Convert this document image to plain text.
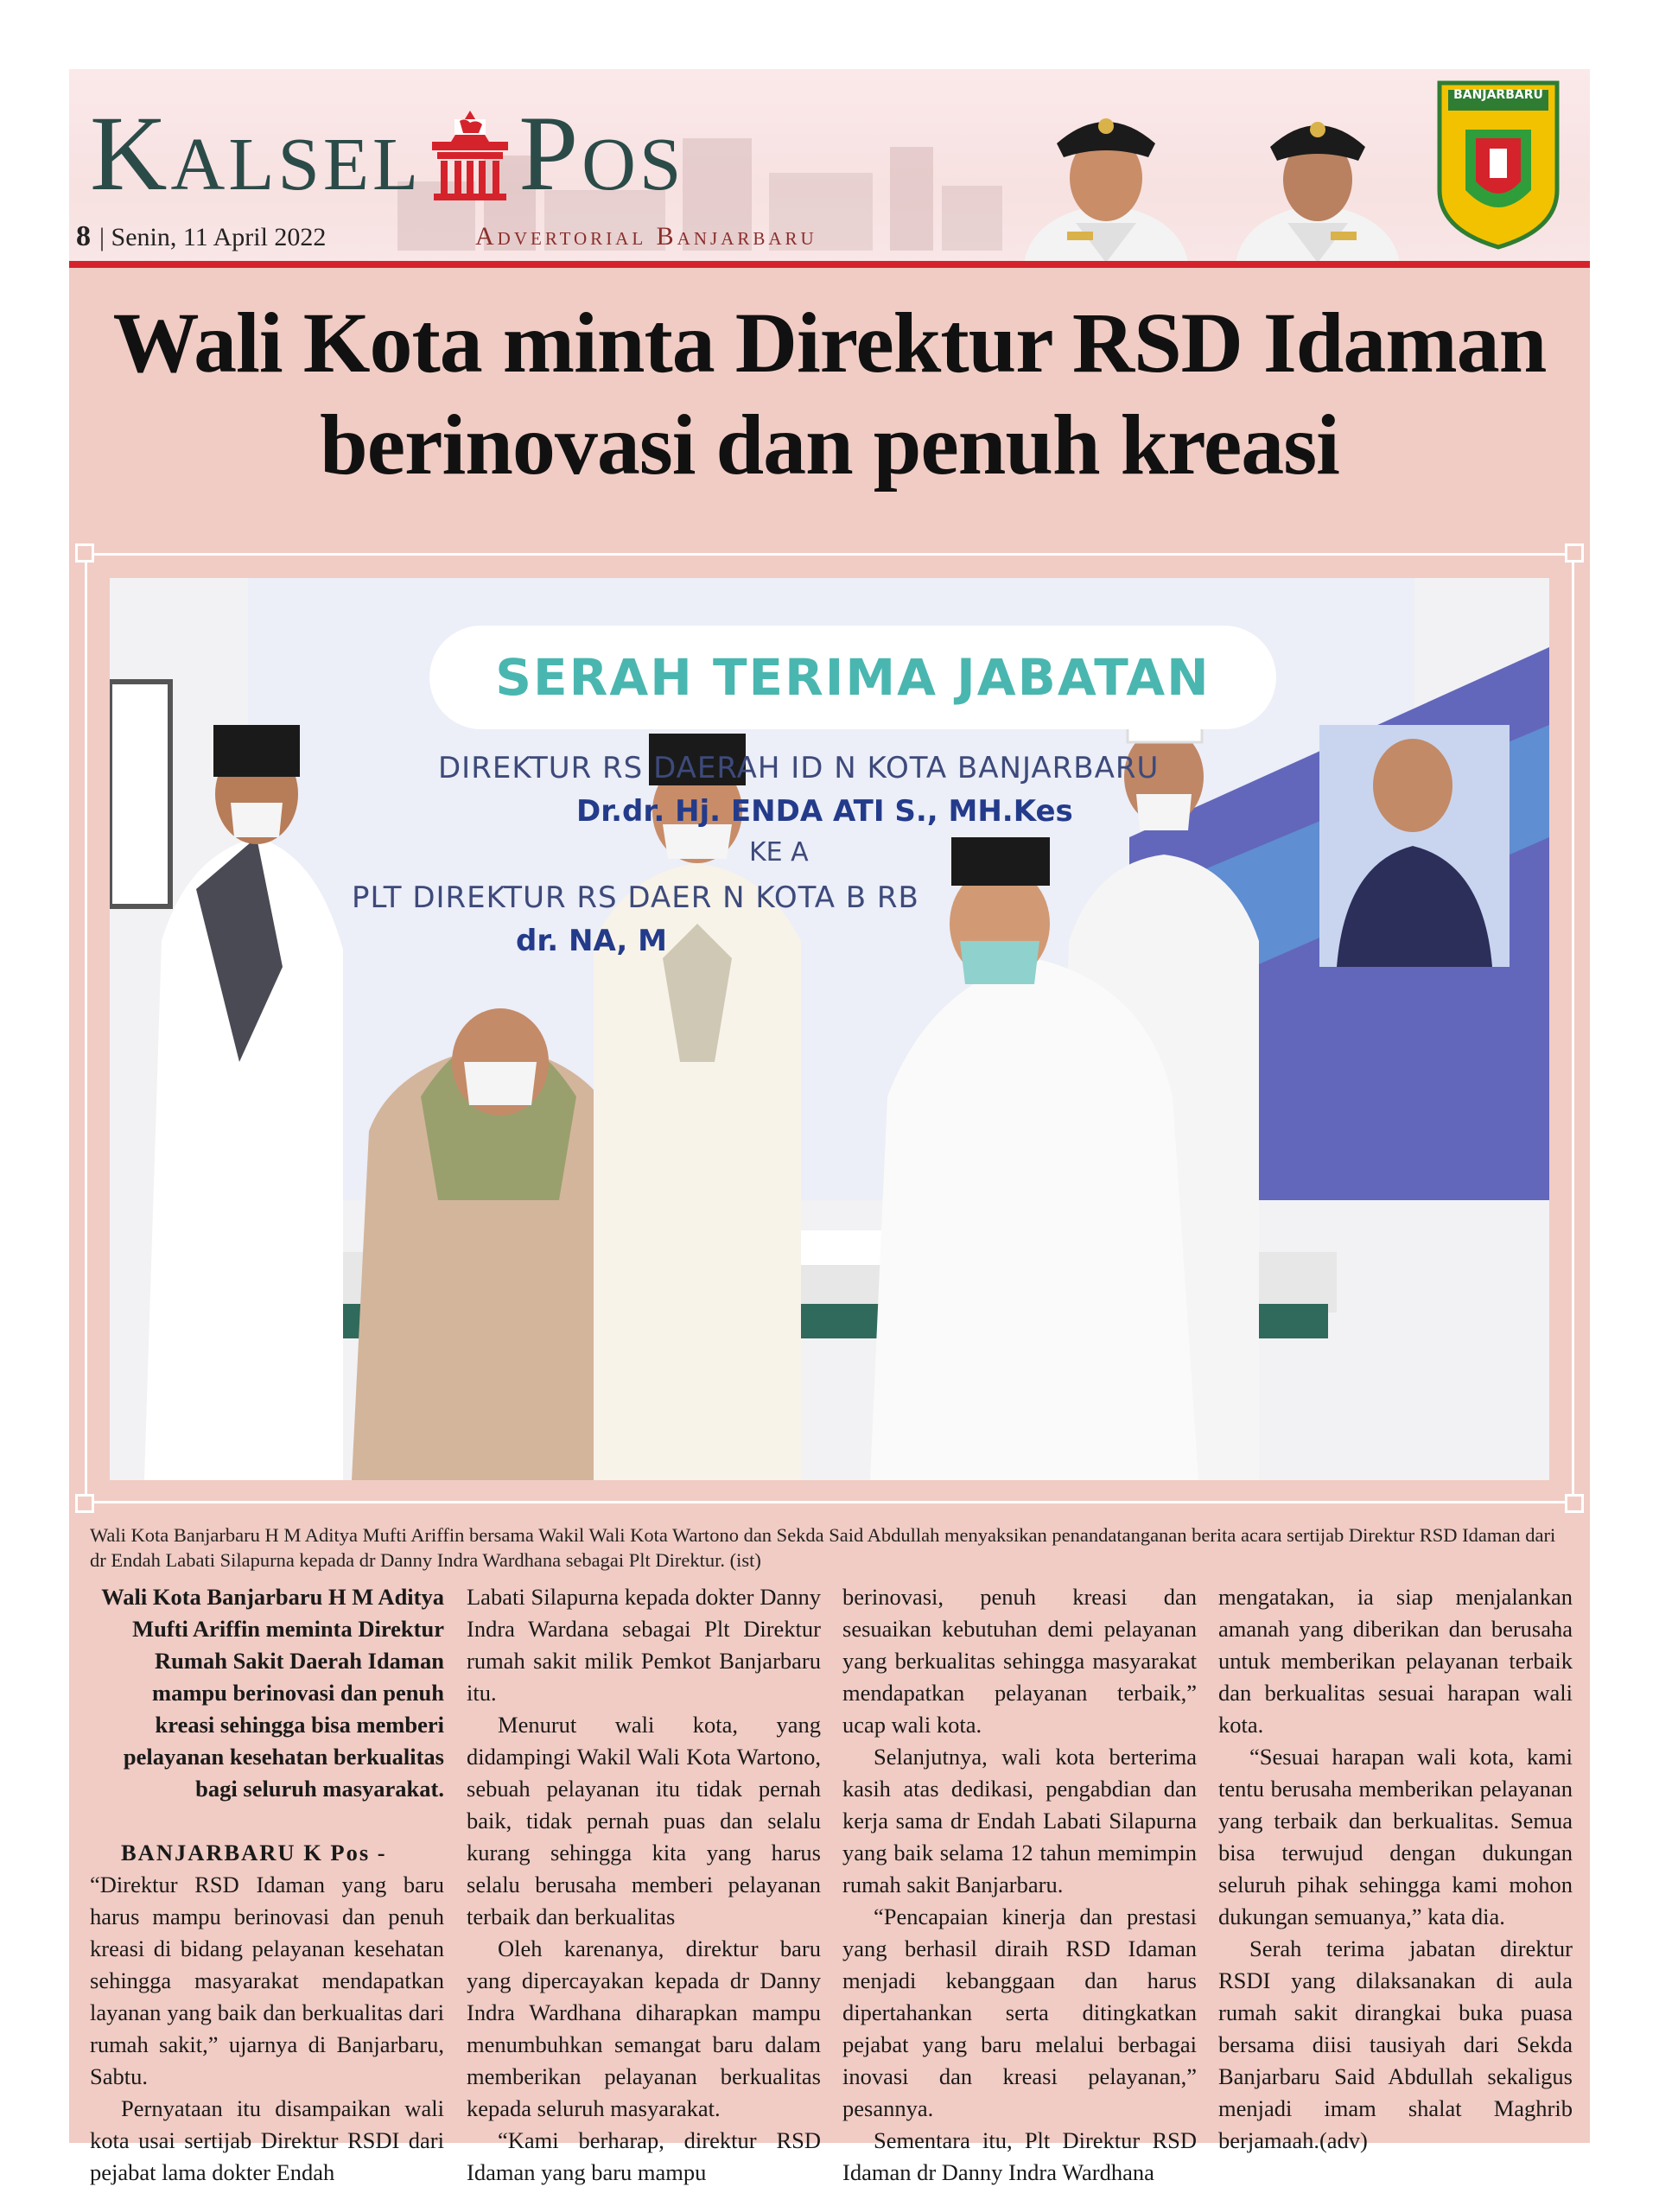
Kalsel Pos
8 | Senin, 11 April 2022	Advertorial Banjarbaru
BANJARBARU
Wali Kota minta Direktur RSD Idaman
berinovasi dan penuh kreasi
SERAH TERIMA JABATAN
DIREKTUR RS DAERAH ID N KOTA BANJARBARU
Dr.dr. Hj. ENDA ATI S., MH.Kes
KE A
PLT DIREKTUR RS DAER N KOTA B RB
dr. NA, M

Wali Kota Banjarbaru H M Aditya Mufti Ariffin bersama Wakil Wali Kota Wartono dan Sekda Said Abdullah menyaksikan penandatanganan berita acara sertijab Direktur RSD Idaman dari dr Endah Labati Silapurna kepada dr Danny Indra Wardhana sebagai Plt Direktur. (ist)

Wali Kota Banjarbaru H M Aditya Mufti Ariffin meminta Direktur Rumah Sakit Daerah Idaman mampu berinovasi dan penuh kreasi sehingga bisa memberi pelayanan kesehatan berkualitas bagi seluruh masyarakat.

BANJARBARU K Pos -

“Direktur RSD Idaman yang baru harus mampu berinovasi dan penuh kreasi di bidang pelayanan kesehatan sehingga masyarakat mendapatkan layanan yang baik dan berkualitas dari rumah sakit,” ujarnya di Banjarbaru, Sabtu.

Pernyataan itu disampaikan wali kota usai sertijab Direktur RSDI dari pejabat lama dokter Endah

Labati Silapurna kepada dokter Danny Indra Wardana sebagai Plt Direktur rumah sakit milik Pemkot Banjarbaru itu.

Menurut wali kota, yang didampingi Wakil Wali Kota Wartono, sebuah pelayanan itu tidak pernah baik, tidak pernah puas dan selalu kurang sehingga kita yang harus selalu berusaha memberi pelayanan terbaik dan berkualitas

Oleh karenanya, direktur baru yang dipercayakan kepada dr Danny Indra Wardhana diharapkan mampu menumbuhkan semangat baru dalam memberikan pelayanan berkualitas kepada seluruh masyarakat.

“Kami berharap, direktur RSD Idaman yang baru mampu

berinovasi, penuh kreasi dan sesuaikan kebutuhan demi pelayanan yang berkualitas sehingga masyarakat mendapatkan pelayanan terbaik,” ucap wali kota.

Selanjutnya, wali kota berterima kasih atas dedikasi, pengabdian dan kerja sama dr Endah Labati Silapurna yang baik selama 12 tahun memimpin rumah sakit Banjarbaru.

“Pencapaian kinerja dan prestasi yang berhasil diraih RSD Idaman menjadi kebanggaan dan harus dipertahankan serta ditingkatkan pejabat yang baru melalui berbagai inovasi dan kreasi pelayanan,” pesannya.

Sementara itu, Plt Direktur RSD Idaman dr Danny Indra Wardhana

mengatakan, ia siap menjalankan amanah yang diberikan dan berusaha untuk memberikan pelayanan terbaik dan berkualitas sesuai harapan wali kota.

“Sesuai harapan wali kota, kami tentu berusaha memberikan pelayanan yang terbaik dan berkualitas. Semua bisa terwujud dengan dukungan seluruh pihak sehingga kami mohon dukungan semuanya,” kata dia.

Serah terima jabatan direktur RSDI yang dilaksanakan di aula rumah sakit dirangkai buka puasa bersama diisi tausiyah dari Sekda Banjarbaru Said Abdullah sekaligus menjadi imam shalat Maghrib berjamaah.(adv)
